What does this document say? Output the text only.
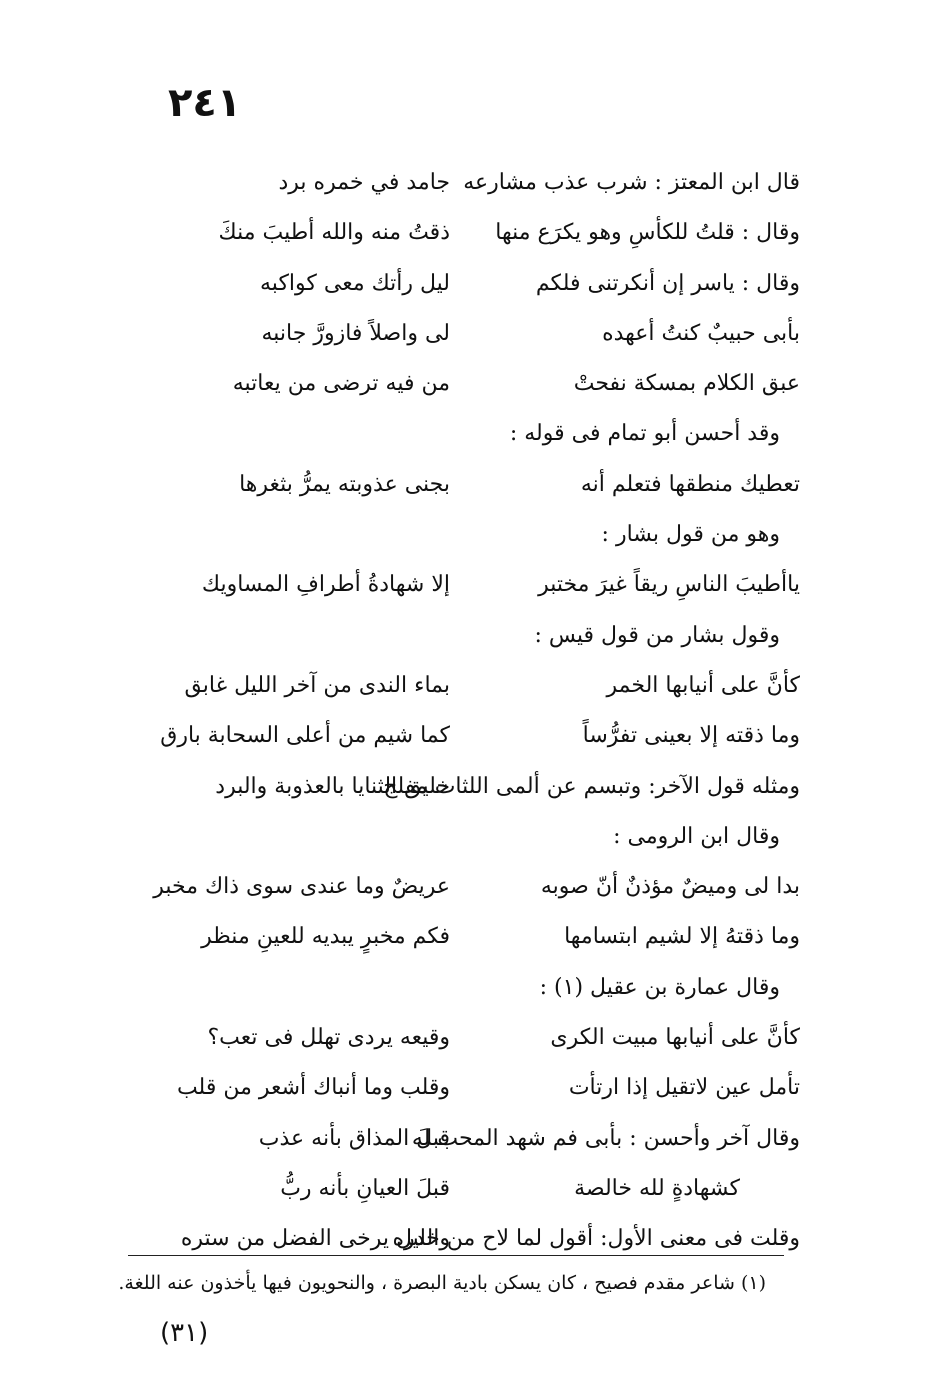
٢٤١
قال ابن المعتز : شرب عذب مشارعه
جامد في خمره برد
وقال : قلتُ للكأسِ وهو يكرَع منها
ذقتُ منه والله أطيبَ منكَ
وقال : ياسر إن أنكرتنى فلكم
ليل رأتك معى كواكبه
بأبى حبيبٌ كنتُ أعهده
لى واصلاً فازورَّ جانبه
عبق الكلام بمسكة نفحتْ
من فيه ترضى من يعاتبه
وقد أحسن أبو تمام فى قوله :
تعطيك منطقها فتعلم أنه
بجنى عذوبته يمرُّ بثغرها
وهو من قول بشار :
ياأطيبَ الناسِ ريقاً غيرَ مختبر
إلا شهادةُ أطرافِ المساويك
وقول بشار من قول قيس :
كأنَّ على أنيابها الخمر
بماء الندى من آخر الليل غابق
وما ذقته إلا بعينى تفرُّساً
كما شيم من أعلى السحابة بارق
ومثله قول الآخر: وتبسم عن ألمى اللثات مفلج
خليق الثنايا بالعذوبة والبرد
وقال ابن الرومى :
بدا لى وميضٌ مؤذنٌ أنّ صوبه
عريضٌ وما عندى سوى ذاك مخبر
وما ذقتهُ إلا لشيم ابتسامها
فكم مخبرٍ يبديه للعينِ منظر
وقال عمارة بن عقيل (١) :
كأنَّ على أنيابها مبيت الكرى
وقيعه يردى تهلل فى تعب؟
تأمل عين لاتقيل إذا ارتأت
وقلب وما أنباك أشعر من قلب
وقال آخر وأحسن : بأبى فم شهد المحب له
قبلَ المذاق بأنه عذب
كشهادةٍ لله خالصة
قبلَ العيانِ بأنه ربُّ
وقلت فى معنى الأول: أقول لما لاح من خدره
والليل يرخى الفضل من ستره
(١) شاعر مقدم فصيح ، كان يسكن بادية البصرة ، والنحويون فيها يأخذون عنه اللغة.
(٣١)
